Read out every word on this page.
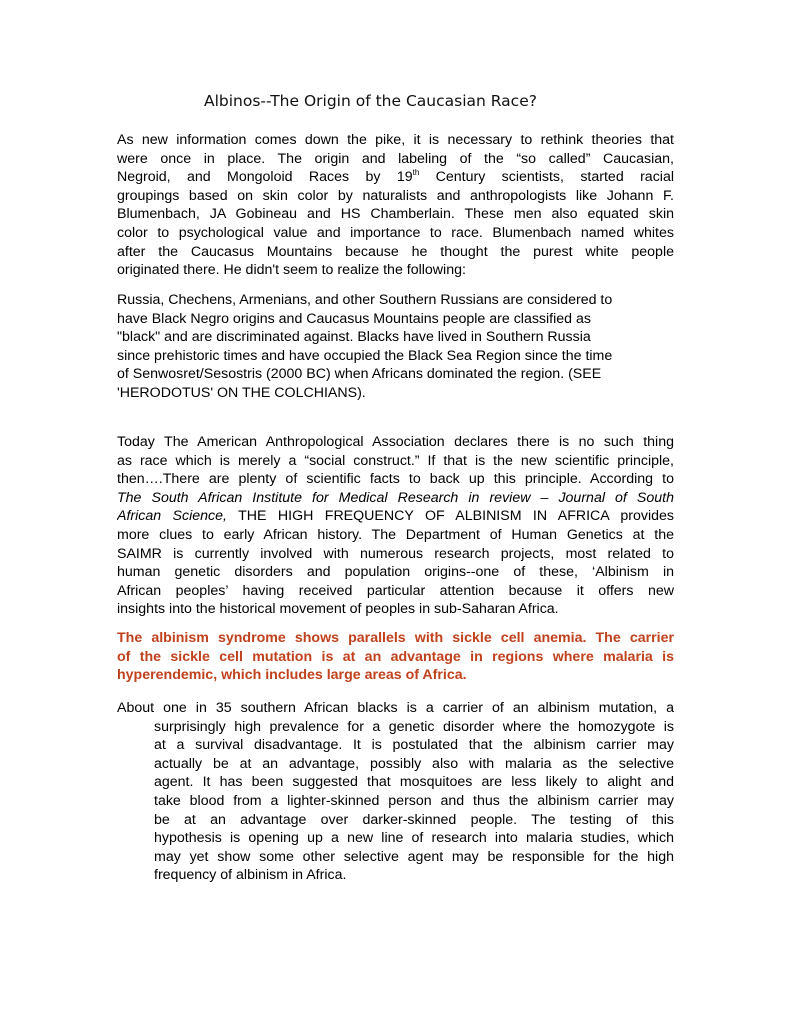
Albinos--The Origin of the Caucasian Race?
As new information comes down the pike, it is necessary to rethink theories that
were once in place. The origin and labeling of the “so called” Caucasian,
Negroid, and Mongoloid Races by 19th Century scientists, started racial
groupings based on skin color by naturalists and anthropologists like Johann F.
Blumenbach, JA Gobineau and HS Chamberlain. These men also equated skin
color to psychological value and importance to race. Blumenbach named whites
after the Caucasus Mountains because he thought the purest white people
originated there. He didn't seem to realize the following:
Russia, Chechens, Armenians, and other Southern Russians are considered to
have Black Negro origins and Caucasus Mountains people are classified as
"black" and are discriminated against. Blacks have lived in Southern Russia
since prehistoric times and have occupied the Black Sea Region since the time
of Senwosret/Sesostris (2000 BC) when Africans dominated the region. (SEE
'HERODOTUS' ON THE COLCHIANS).
Today The American Anthropological Association declares there is no such thing
as race which is merely a “social construct.” If that is the new scientific principle,
then….There are plenty of scientific facts to back up this principle. According to
The South African Institute for Medical Research in review – Journal of South
African Science, THE HIGH FREQUENCY OF ALBINISM IN AFRICA provides
more clues to early African history. The Department of Human Genetics at the
SAIMR is currently involved with numerous research projects, most related to
human genetic disorders and population origins--one of these, ‘Albinism in
African peoples’ having received particular attention because it offers new
insights into the historical movement of peoples in sub-Saharan Africa.
The albinism syndrome shows parallels with sickle cell anemia. The carrier
of the sickle cell mutation is at an advantage in regions where malaria is
hyperendemic, which includes large areas of Africa.
About one in 35 southern African blacks is a carrier of an albinism mutation, a
surprisingly high prevalence for a genetic disorder where the homozygote is
at a survival disadvantage. It is postulated that the albinism carrier may
actually be at an advantage, possibly also with malaria as the selective
agent. It has been suggested that mosquitoes are less likely to alight and
take blood from a lighter-skinned person and thus the albinism carrier may
be at an advantage over darker-skinned people. The testing of this
hypothesis is opening up a new line of research into malaria studies, which
may yet show some other selective agent may be responsible for the high
frequency of albinism in Africa.
